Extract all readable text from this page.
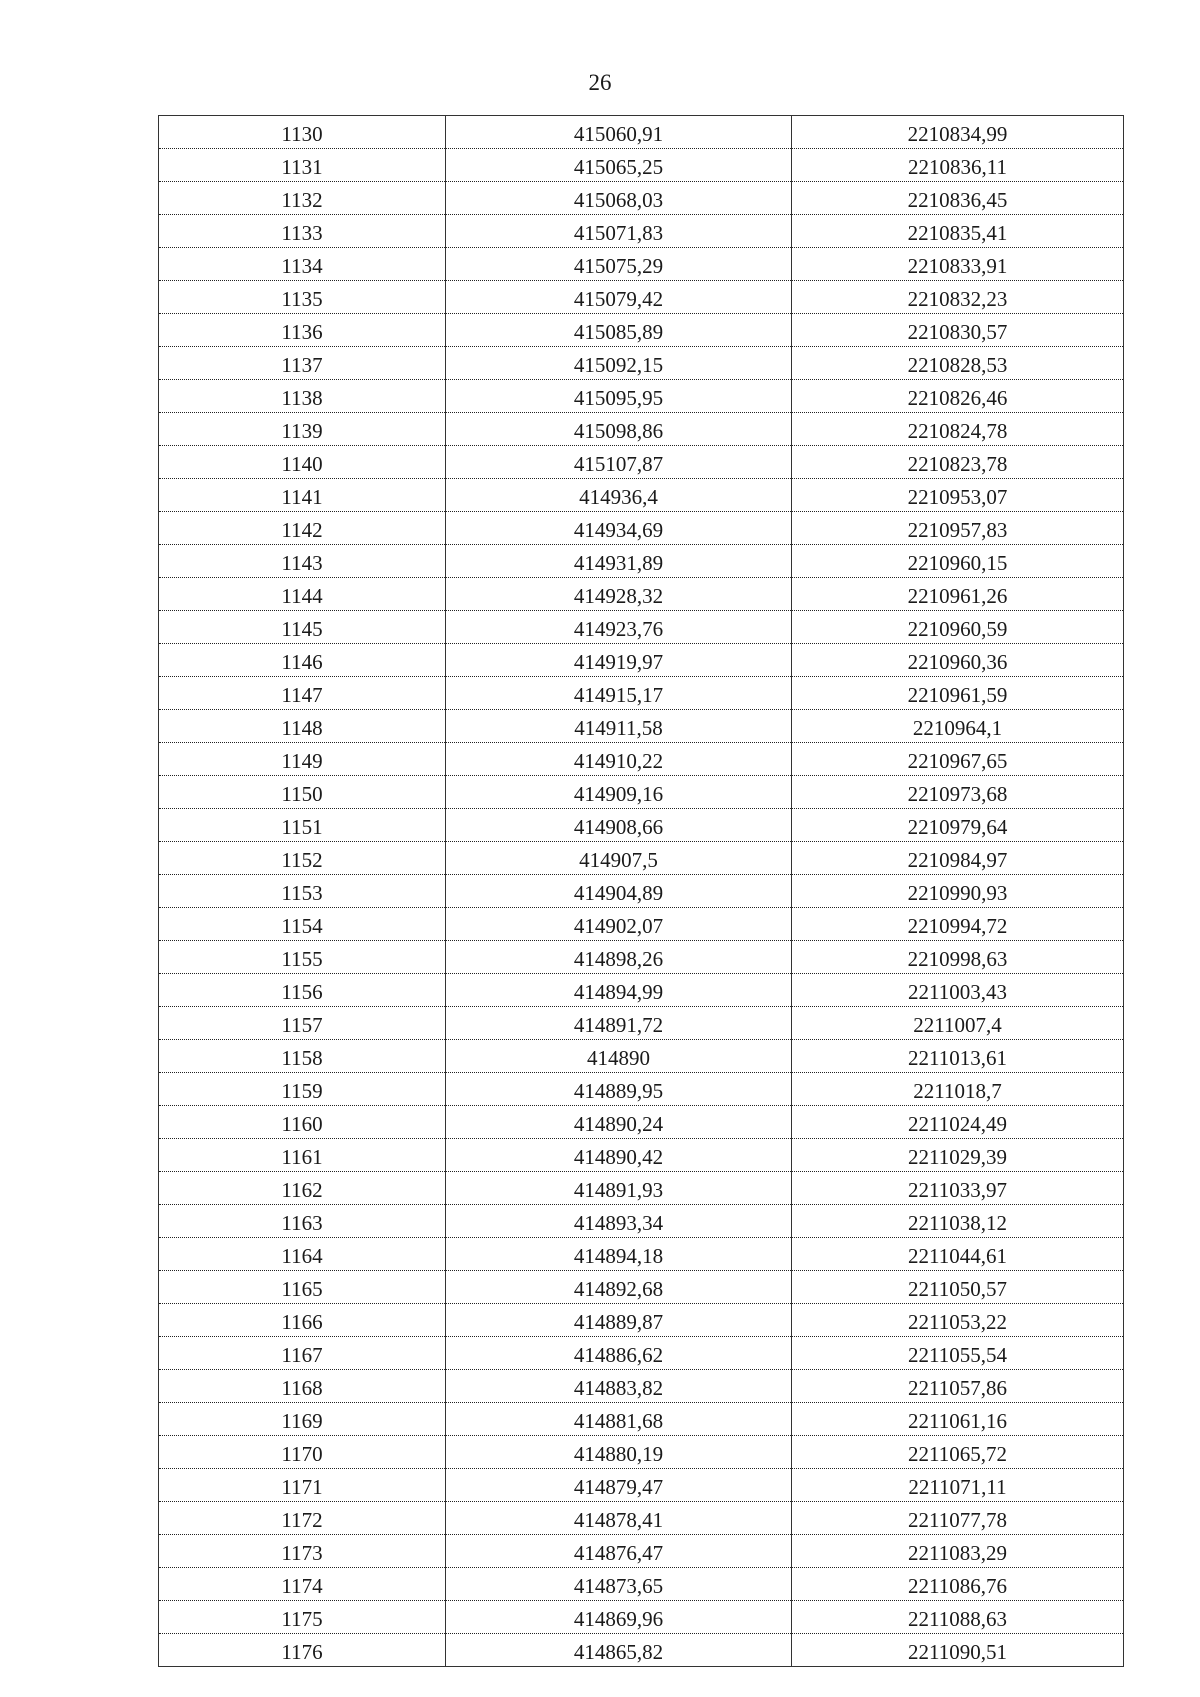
26
1130	415060,91	2210834,99
1131	415065,25	2210836,11
1132	415068,03	2210836,45
1133	415071,83	2210835,41
1134	415075,29	2210833,91
1135	415079,42	2210832,23
1136	415085,89	2210830,57
1137	415092,15	2210828,53
1138	415095,95	2210826,46
1139	415098,86	2210824,78
1140	415107,87	2210823,78
1141	414936,4	2210953,07
1142	414934,69	2210957,83
1143	414931,89	2210960,15
1144	414928,32	2210961,26
1145	414923,76	2210960,59
1146	414919,97	2210960,36
1147	414915,17	2210961,59
1148	414911,58	2210964,1
1149	414910,22	2210967,65
1150	414909,16	2210973,68
1151	414908,66	2210979,64
1152	414907,5	2210984,97
1153	414904,89	2210990,93
1154	414902,07	2210994,72
1155	414898,26	2210998,63
1156	414894,99	2211003,43
1157	414891,72	2211007,4
1158	414890	2211013,61
1159	414889,95	2211018,7
1160	414890,24	2211024,49
1161	414890,42	2211029,39
1162	414891,93	2211033,97
1163	414893,34	2211038,12
1164	414894,18	2211044,61
1165	414892,68	2211050,57
1166	414889,87	2211053,22
1167	414886,62	2211055,54
1168	414883,82	2211057,86
1169	414881,68	2211061,16
1170	414880,19	2211065,72
1171	414879,47	2211071,11
1172	414878,41	2211077,78
1173	414876,47	2211083,29
1174	414873,65	2211086,76
1175	414869,96	2211088,63
1176	414865,82	2211090,51
